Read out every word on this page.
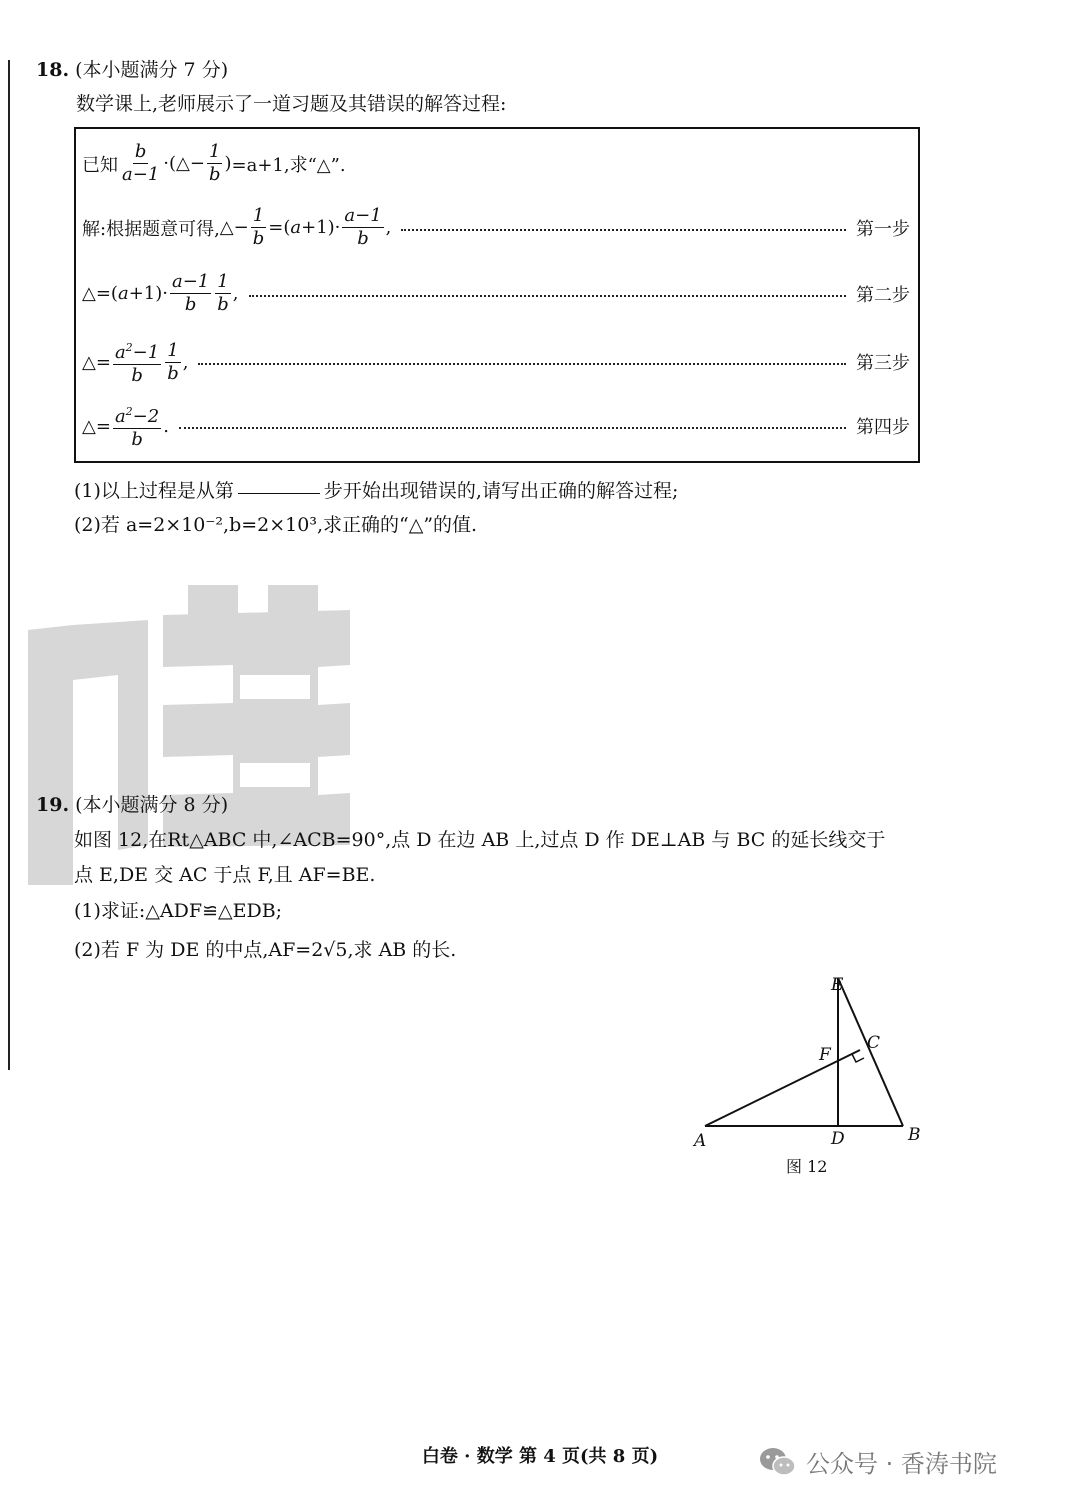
18. (本小题满分 7 分)
数学课上,老师展示了一道习题及其错误的解答过程:
已知 $\frac{b}{a-1}$ ·(△− $\frac{1}{b}$ ) =a+1,求“△”.
解:根据题意可得, △− $\frac{1}{b} =(a+1)\cdot \frac{a-1}{b}$ ,	第一步
△=(a+1)· $\frac{a-1}{b} \frac{1}{b}$ ,	第二步
△= $\frac{a^2-1}{b} \frac{1}{b}$ ,	第三步
△= $\frac{a^2-2}{b}$ .	第四步
(1)以上过程是从第	步开始出现错误的,请写出正确的解答过程;
(2)若 a=2×10⁻²,b=2×10³,求正确的“△”的值.
19. (本小题满分 8 分)
如图 12,在Rt△ABC 中,∠ACB=90°,点 D 在边 AB 上,过点 D 作 DE⊥AB 与 BC 的延长线交于
点 E,DE 交 AC 于点 F,且 AF=BE.
(1)求证:△ADF≌△EDB;
(2)若 F 为 DE 的中点,AF=2√5,求 AB 的长.
A	B
C
D
E
F
图 12
白卷 · 数学 第 4 页(共 8 页)	公众号 · 香涛书院
